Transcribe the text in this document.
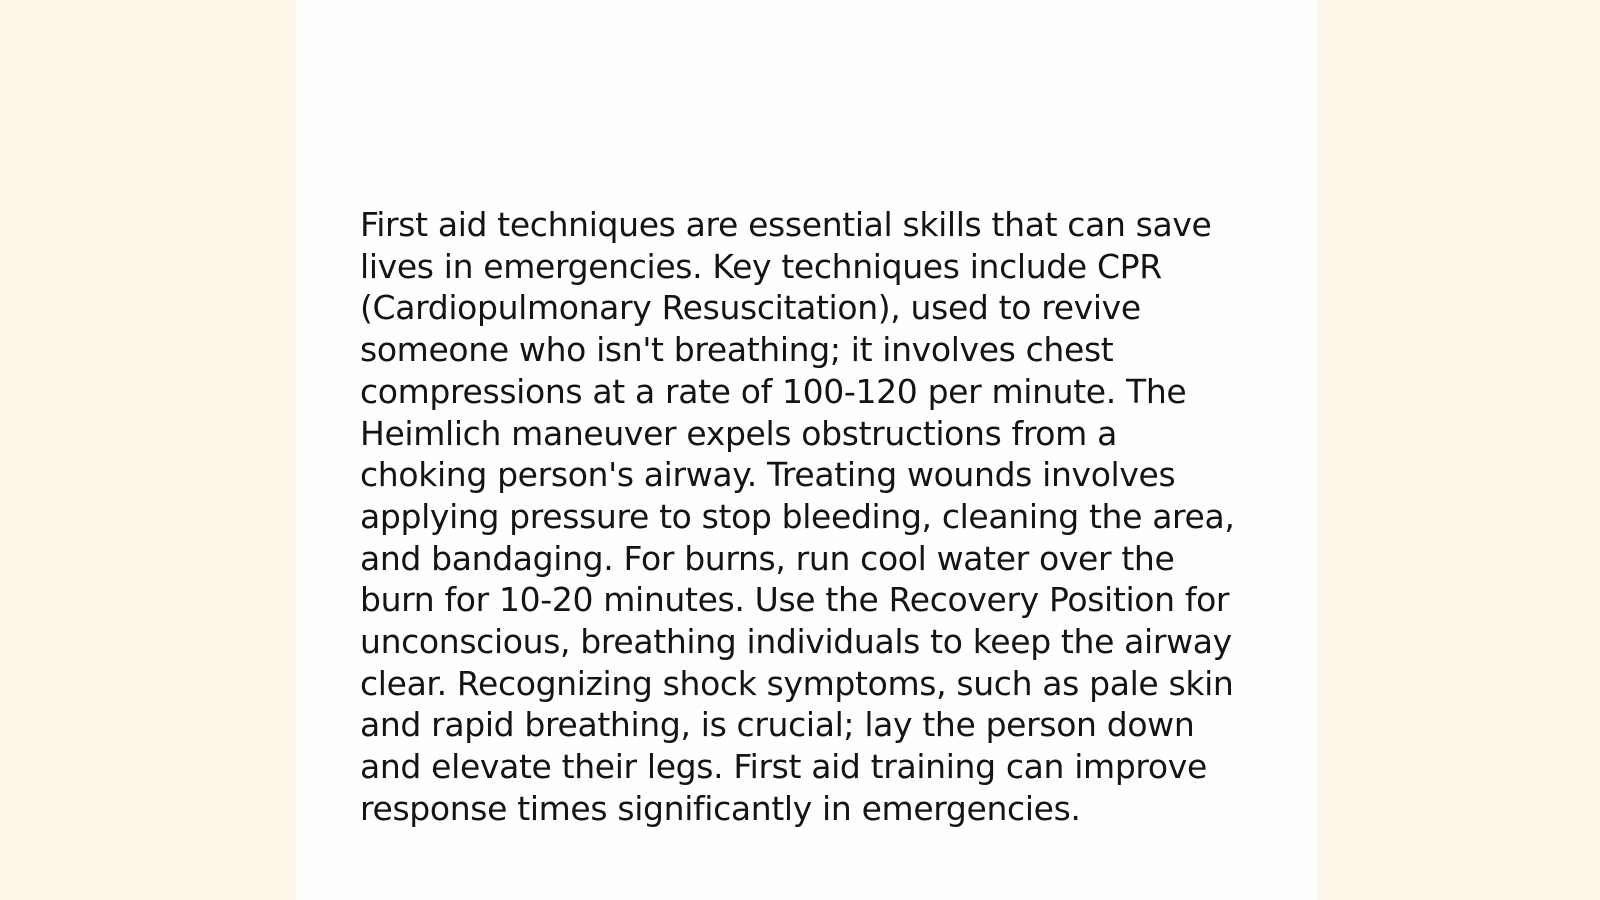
First aid techniques are essential skills that can save
lives in emergencies. Key techniques include CPR
(Cardiopulmonary Resuscitation), used to revive
someone who isn't breathing; it involves chest
compressions at a rate of 100-120 per minute. The
Heimlich maneuver expels obstructions from a
choking person's airway. Treating wounds involves
applying pressure to stop bleeding, cleaning the area,
and bandaging. For burns, run cool water over the
burn for 10-20 minutes. Use the Recovery Position for
unconscious, breathing individuals to keep the airway
clear. Recognizing shock symptoms, such as pale skin
and rapid breathing, is crucial; lay the person down
and elevate their legs. First aid training can improve
response times significantly in emergencies.
